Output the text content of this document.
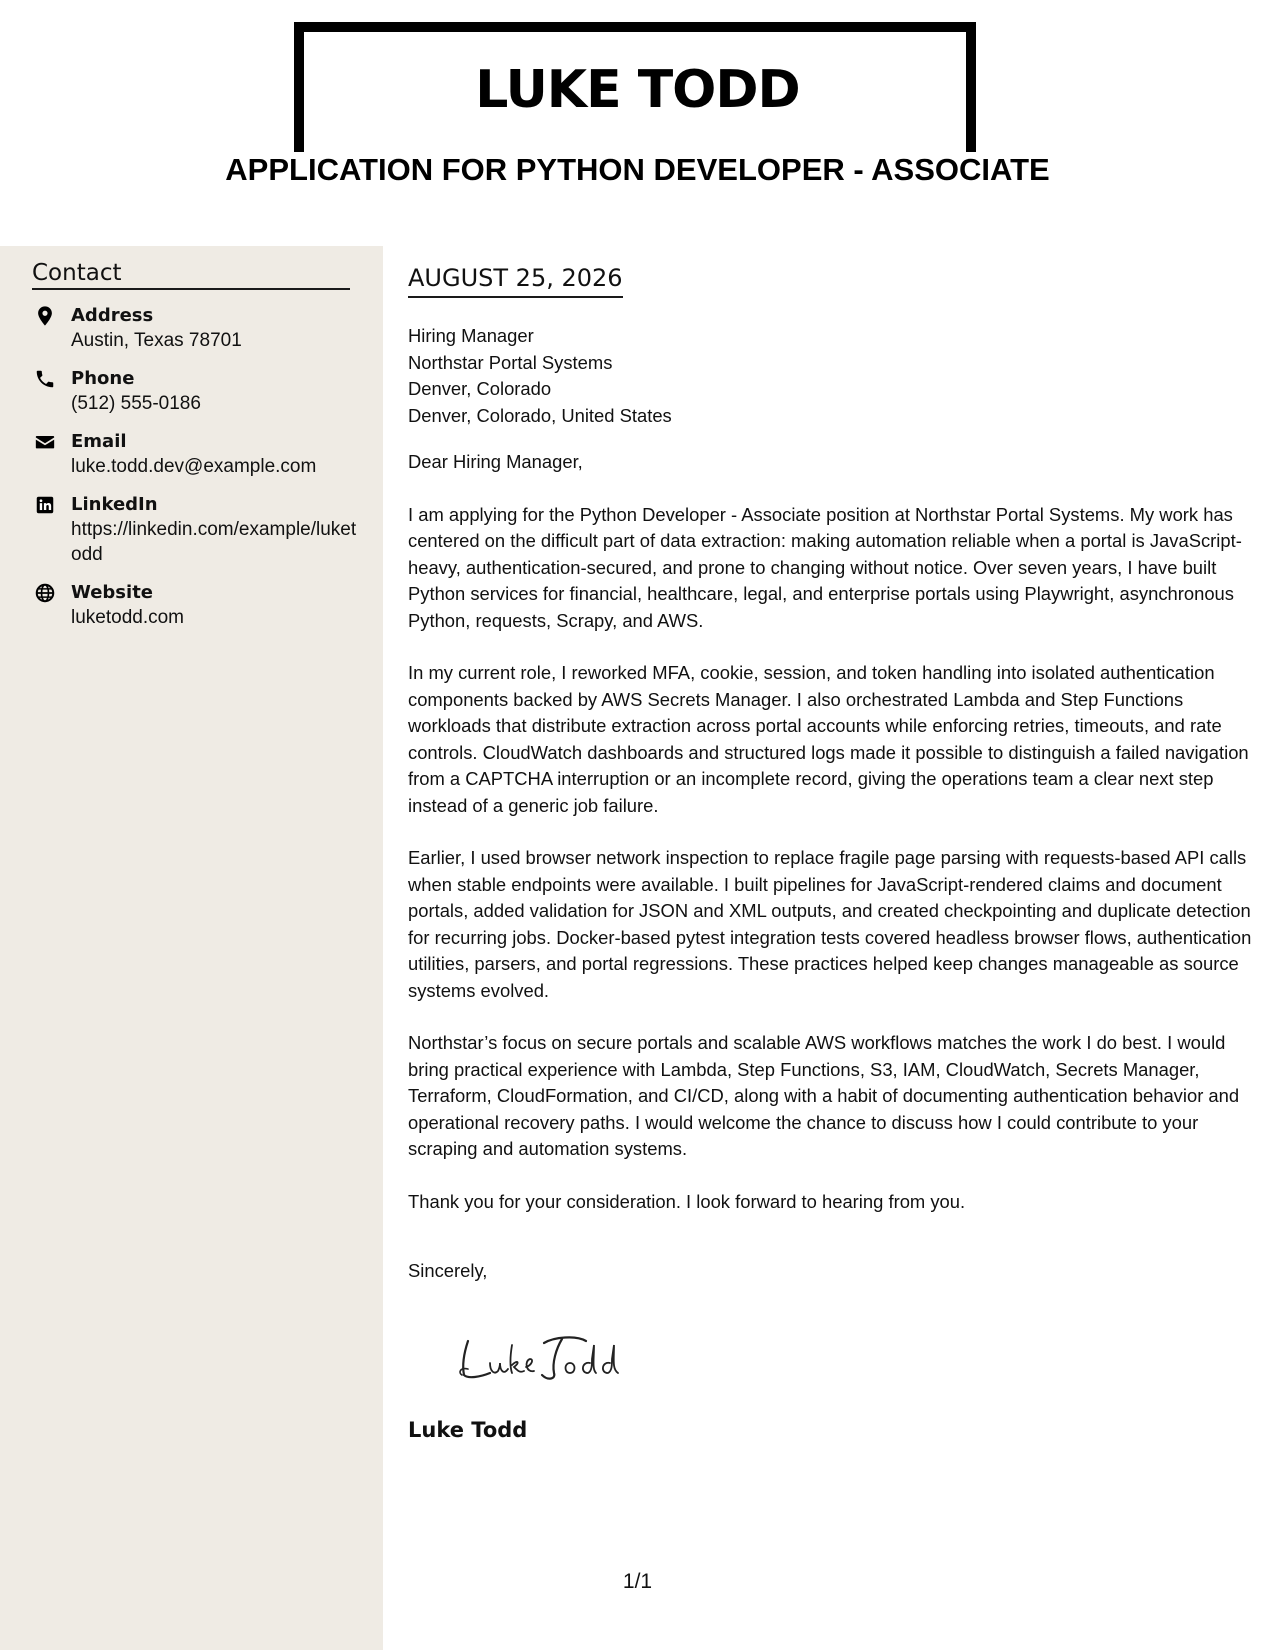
LUKE TODD
APPLICATION FOR PYTHON DEVELOPER - ASSOCIATE
Contact
Address
Austin, Texas 78701
Phone
(512) 555-0186
Email
luke.todd.dev@example.com
LinkedIn
https://linkedin.com/example/luketodd
Website
luketodd.com
AUGUST 25, 2026

Hiring Manager

Northstar Portal Systems

Denver, Colorado

Denver, Colorado, United States

Dear Hiring Manager,

I am applying for the Python Developer - Associate position at Northstar Portal Systems. My work has centered on the difficult part of data extraction: making automation reliable when a portal is JavaScript-heavy, authentication-secured, and prone to changing without notice. Over seven years, I have built Python services for financial, healthcare, legal, and enterprise portals using Playwright, asynchronous Python, requests, Scrapy, and AWS.

In my current role, I reworked MFA, cookie, session, and token handling into isolated authentication components backed by AWS Secrets Manager. I also orchestrated Lambda and Step Functions workloads that distribute extraction across portal accounts while enforcing retries, timeouts, and rate controls. CloudWatch dashboards and structured logs made it possible to distinguish a failed navigation from a CAPTCHA interruption or an incomplete record, giving the operations team a clear next step instead of a generic job failure.

Earlier, I used browser network inspection to replace fragile page parsing with requests-based API calls when stable endpoints were available. I built pipelines for JavaScript-rendered claims and document portals, added validation for JSON and XML outputs, and created checkpointing and duplicate detection for recurring jobs. Docker-based pytest integration tests covered headless browser flows, authentication utilities, parsers, and portal regressions. These practices helped keep changes manageable as source systems evolved.

Northstar’s focus on secure portals and scalable AWS workflows matches the work I do best. I would bring practical experience with Lambda, Step Functions, S3, IAM, CloudWatch, Secrets Manager, Terraform, CloudFormation, and CI/CD, along with a habit of documenting authentication behavior and operational recovery paths. I would welcome the chance to discuss how I could contribute to your scraping and automation systems.

Thank you for your consideration. I look forward to hearing from you.

Sincerely,

Luke Todd
1/1
